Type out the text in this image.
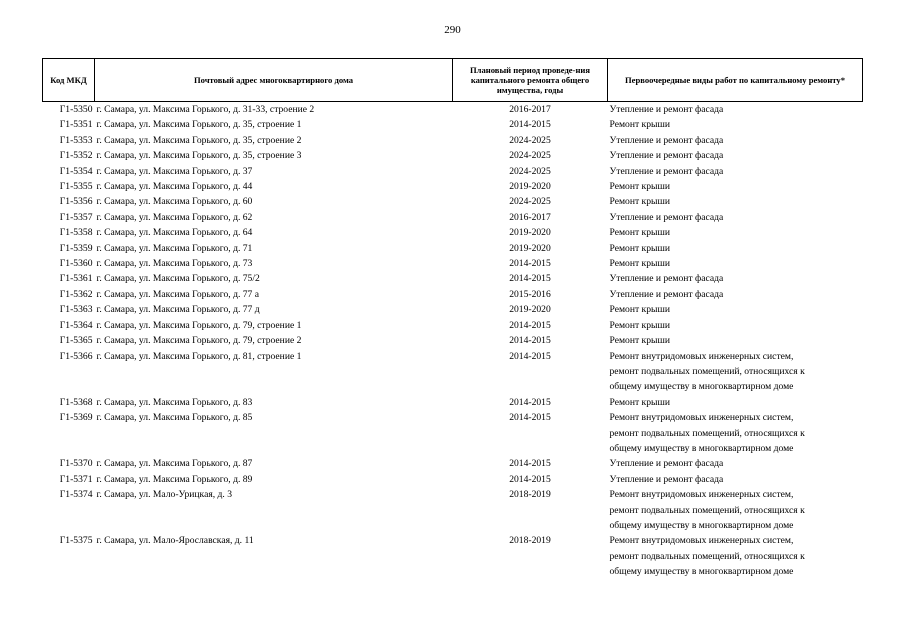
290
Код МКД	Почтовый адрес многоквартирного дома	Плановый период проведе-ния капитального ремонта общего имущества, годы	Первоочередные виды работ по капитальному ремонту*
Г1-5350	г. Самара, ул. Максима Горького, д. 31-33, строение 2	2016-2017	Утепление и ремонт фасада

Г1-5351	г. Самара, ул. Максима Горького, д. 35, строение 1	2014-2015	Ремонт крыши

Г1-5353	г. Самара, ул. Максима Горького, д. 35, строение 2	2024-2025	Утепление и ремонт фасада

Г1-5352	г. Самара, ул. Максима Горького, д. 35, строение 3	2024-2025	Утепление и ремонт фасада

Г1-5354	г. Самара, ул. Максима Горького, д. 37	2024-2025	Утепление и ремонт фасада

Г1-5355	г. Самара, ул. Максима Горького, д. 44	2019-2020	Ремонт крыши

Г1-5356	г. Самара, ул. Максима Горького, д. 60	2024-2025	Ремонт крыши

Г1-5357	г. Самара, ул. Максима Горького, д. 62	2016-2017	Утепление и ремонт фасада

Г1-5358	г. Самара, ул. Максима Горького, д. 64	2019-2020	Ремонт крыши

Г1-5359	г. Самара, ул. Максима Горького, д. 71	2019-2020	Ремонт крыши

Г1-5360	г. Самара, ул. Максима Горького, д. 73	2014-2015	Ремонт крыши

Г1-5361	г. Самара, ул. Максима Горького, д. 75/2	2014-2015	Утепление и ремонт фасада

Г1-5362	г. Самара, ул. Максима Горького, д. 77 а	2015-2016	Утепление и ремонт фасада

Г1-5363	г. Самара, ул. Максима Горького, д. 77 д	2019-2020	Ремонт крыши

Г1-5364	г. Самара, ул. Максима Горького, д. 79, строение 1	2014-2015	Ремонт крыши

Г1-5365	г. Самара, ул. Максима Горького, д. 79, строение 2	2014-2015	Ремонт крыши

Г1-5366	г. Самара, ул. Максима Горького, д. 81, строение 1	2014-2015	Ремонт внутридомовых инженерных систем,
ремонт подвальных помещений, относящихся к
общему имуществу в многоквартирном доме

Г1-5368	г. Самара, ул. Максима Горького, д. 83	2014-2015	Ремонт крыши

Г1-5369	г. Самара, ул. Максима Горького, д. 85	2014-2015	Ремонт внутридомовых инженерных систем,
ремонт подвальных помещений, относящихся к
общему имуществу в многоквартирном доме

Г1-5370	г. Самара, ул. Максима Горького, д. 87	2014-2015	Утепление и ремонт фасада

Г1-5371	г. Самара, ул. Максима Горького, д. 89	2014-2015	Утепление и ремонт фасада

Г1-5374	г. Самара, ул. Мало-Урицкая, д. 3	2018-2019	Ремонт внутридомовых инженерных систем,
ремонт подвальных помещений, относящихся к
общему имуществу в многоквартирном доме

Г1-5375	г. Самара, ул. Мало-Ярославская, д. 11	2018-2019	Ремонт внутридомовых инженерных систем,
ремонт подвальных помещений, относящихся к
общему имуществу в многоквартирном доме
